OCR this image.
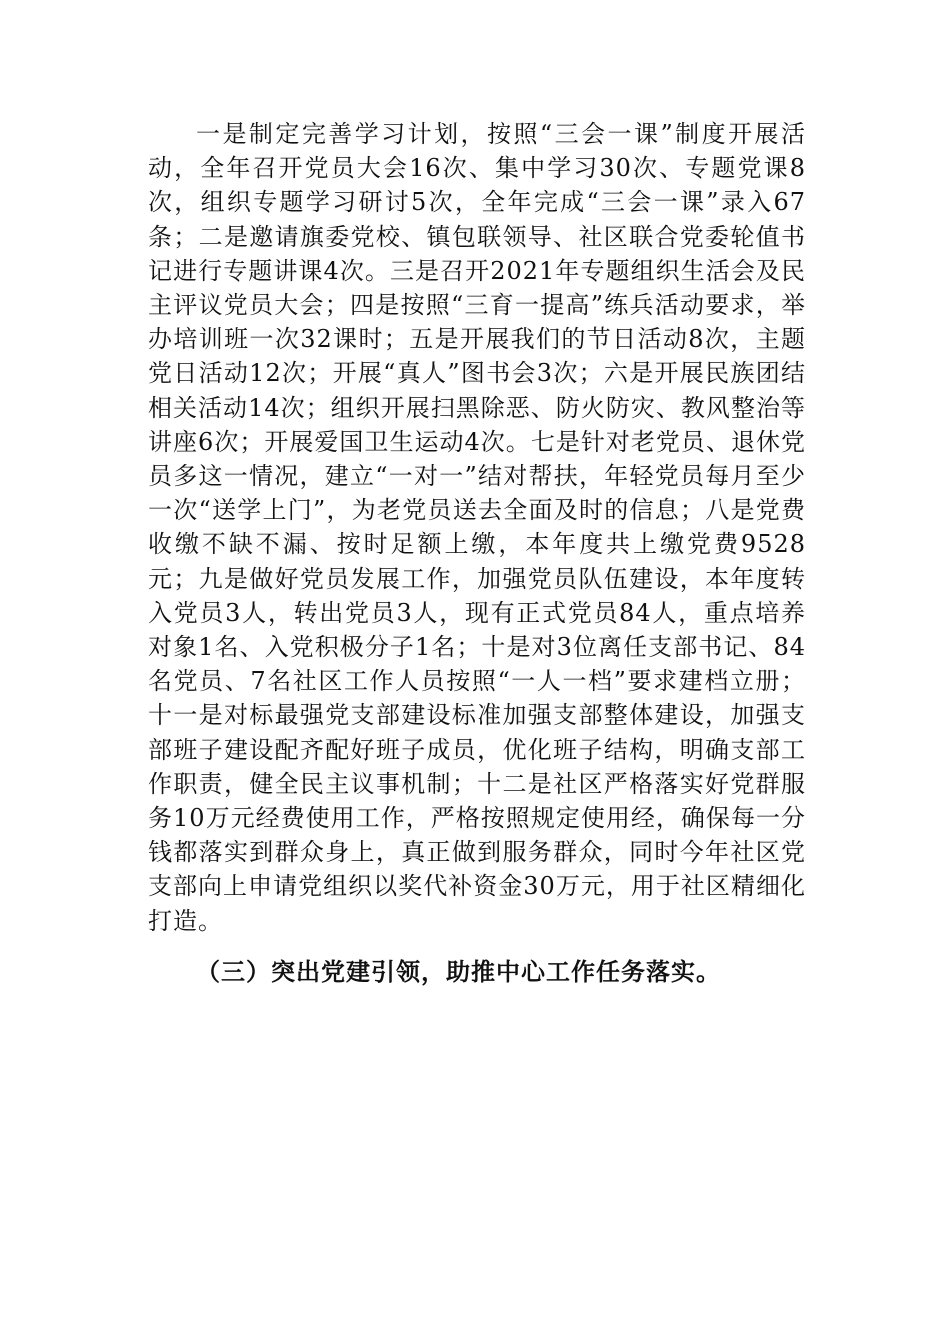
一是制定完善学习计划，按照“三会一课”制度开展活动，全年召开党员大会16次、集中学习30次、专题党课8次，组织专题学习研讨5次，全年完成“三会一课”录入67条；二是邀请旗委党校、镇包联领导、社区联合党委轮值书记进行专题讲课4次。三是召开2021年专题组织生活会及民主评议党员大会；四是按照“三育一提高”练兵活动要求，举办培训班一次32课时；五是开展我们的节日活动8次，主题党日活动12次；开展“真人”图书会3次；六是开展民族团结相关活动14次；组织开展扫黑除恶、防火防灾、教风整治等讲座6次；开展爱国卫生运动4次。七是针对老党员、退休党员多这一情况，建立“一对一”结对帮扶，年轻党员每月至少一次“送学上门”，为老党员送去全面及时的信息；八是党费收缴不缺不漏、按时足额上缴，本年度共上缴党费9528元；九是做好党员发展工作，加强党员队伍建设，本年度转入党员3人，转出党员3人，现有正式党员84人，重点培养对象1名、入党积极分子1名；十是对3位离任支部书记、84名党员、7名社区工作人员按照“一人一档”要求建档立册；十一是对标最强党支部建设标准加强支部整体建设，加强支部班子建设配齐配好班子成员，优化班子结构，明确支部工作职责，健全民主议事机制；十二是社区严格落实好党群服务10万元经费使用工作，严格按照规定使用经，确保每一分钱都落实到群众身上，真正做到服务群众，同时今年社区党支部向上申请党组织以奖代补资金30万元，用于社区精细化打造。

（三）突出党建引领，助推中心工作任务落实。
